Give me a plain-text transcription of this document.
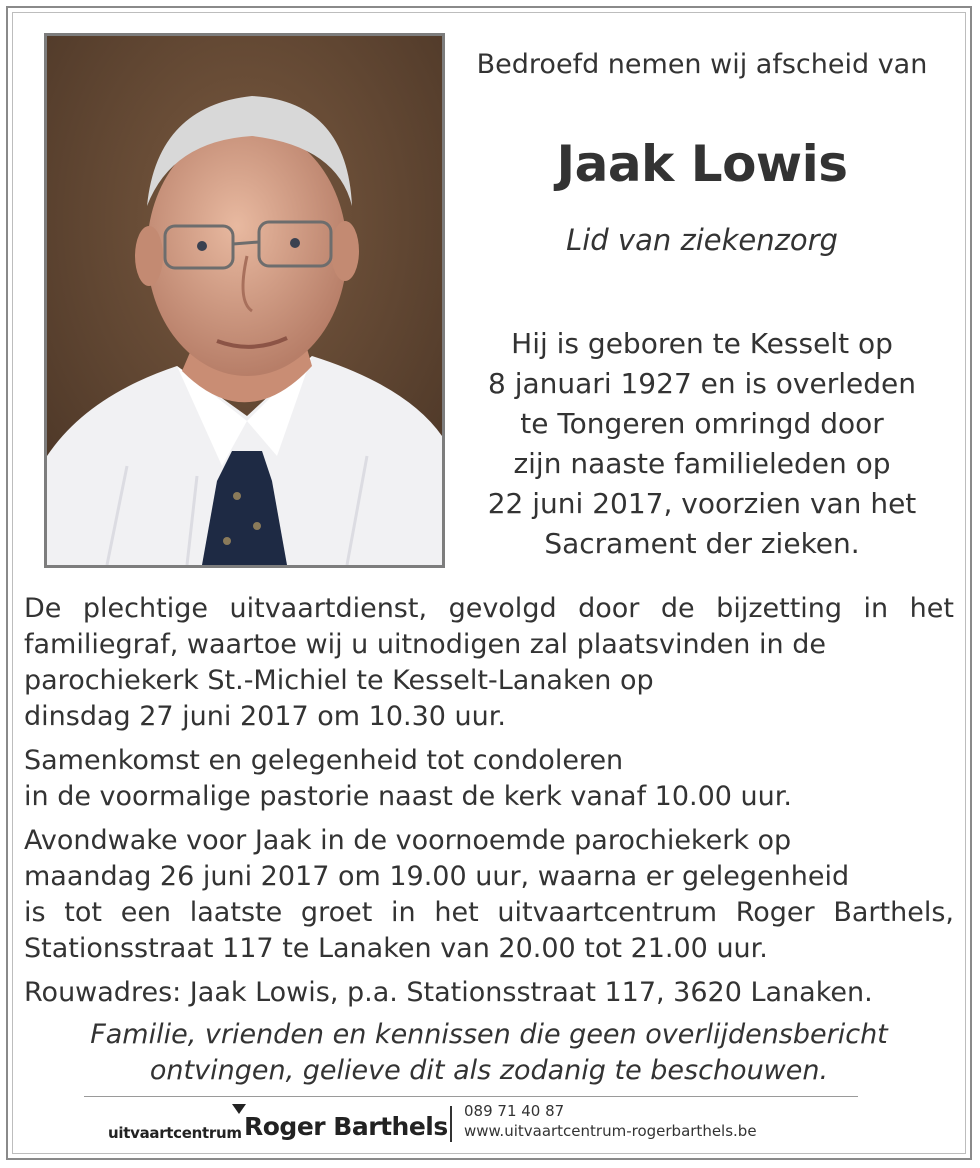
Bedroefd nemen wij afscheid van
Jaak Lowis
Lid van ziekenzorg
Hij is geboren te Kesselt op
8 januari 1927 en is overleden
te Tongeren omringd door
zijn naaste familieleden op
22 juni 2017, voorzien van het
Sacrament der zieken.
De plechtige uitvaartdienst, gevolgd door de bijzetting in het
familiegraf, waartoe wij u uitnodigen zal plaatsvinden in de
parochiekerk St.-Michiel te Kesselt-Lanaken op
dinsdag 27 juni 2017 om 10.30 uur.
Samenkomst en gelegenheid tot condoleren
in de voormalige pastorie naast de kerk vanaf 10.00 uur.
Avondwake voor Jaak in de voornoemde parochiekerk op
maandag 26 juni 2017 om 19.00 uur, waarna er gelegenheid
is tot een laatste groet in het uitvaartcentrum Roger Barthels,
Stationsstraat 117 te Lanaken van 20.00 tot 21.00 uur.
Rouwadres: Jaak Lowis, p.a. Stationsstraat 117, 3620 Lanaken.
Familie, vrienden en kennissen die geen overlijdensbericht
ontvingen, gelieve dit als zodanig te beschouwen.
uitvaartcentrum Roger Barthels
089 71 40 87
www.uitvaartcentrum-rogerbarthels.be
